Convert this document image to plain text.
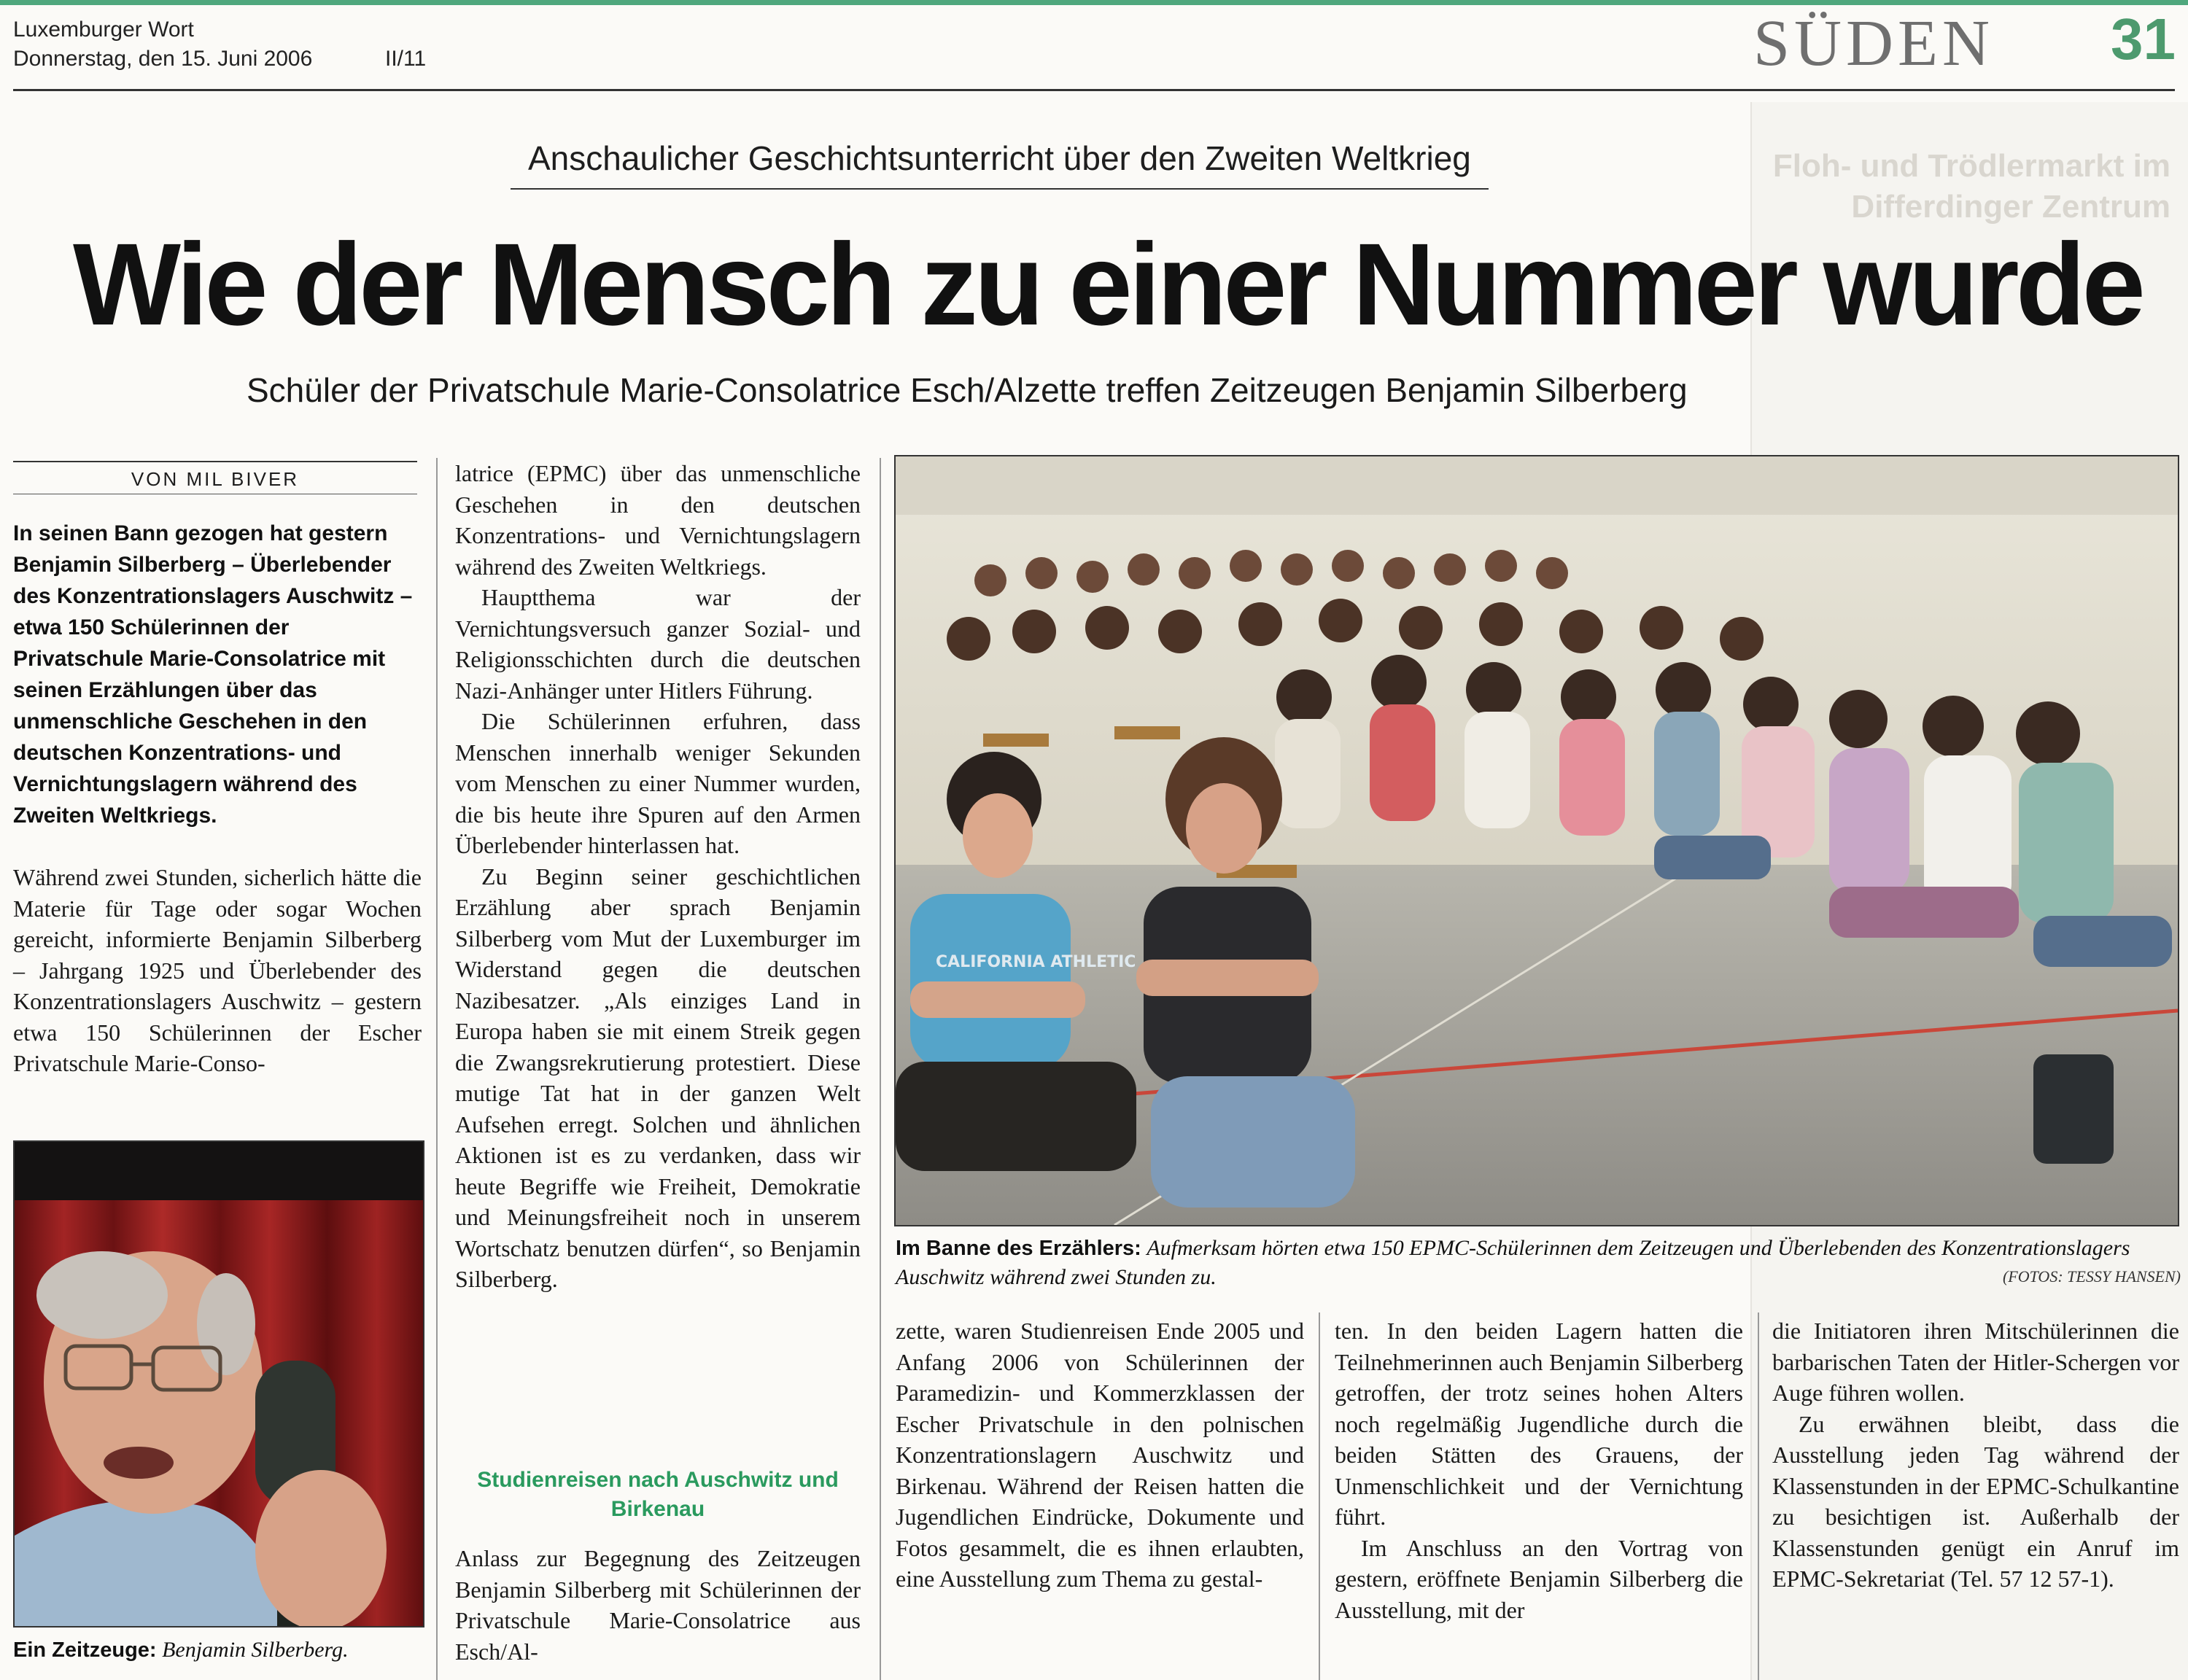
Luxemburger Wort
Donnerstag, den 15. Juni 2006	II/11	SÜDEN 31
Floh- und Trödlermarkt im Differdinger Zentrum
Anschaulicher Geschichtsunterricht über den Zweiten Weltkrieg
Wie der Mensch zu einer Nummer wurde
Schüler der Privatschule Marie-Consolatrice Esch/Alzette treffen Zeitzeugen Benjamin Silberberg
VON MIL BIVER
In seinen Bann gezogen hat gestern Benjamin Silberberg – Überlebender des Konzentrationslagers Auschwitz – etwa 150 Schülerinnen der Privatschule Marie-Consolatrice mit seinen Erzählungen über das unmenschliche Geschehen in den deutschen Konzentrations- und Vernichtungslagern während des Zweiten Weltkriegs.

Während zwei Stunden, sicherlich hätte die Materie für Tage oder sogar Wochen gereicht, informierte Benjamin Silberberg – Jahrgang 1925 und Überlebender des Konzentrationslagers Auschwitz – gestern etwa 150 Schülerinnen der Escher Privatschule Marie-Conso-

Ein Zeitzeuge: Benjamin Silberberg.

latrice (EPMC) über das unmenschliche Geschehen in den deutschen Konzentrations- und Vernichtungslagern während des Zweiten Weltkriegs.

Hauptthema war der Vernichtungsversuch ganzer Sozial- und Religionsschichten durch die deutschen Nazi-Anhänger unter Hitlers Führung.

Die Schülerinnen erfuhren, dass Menschen innerhalb weniger Sekunden vom Menschen zu einer Nummer wurden, die bis heute ihre Spuren auf den Armen Überlebender hinterlassen hat.

Zu Beginn seiner geschichtlichen Erzählung aber sprach Benjamin Silberberg vom Mut der Luxemburger im Widerstand gegen die deutschen Nazibesatzer. „Als einziges Land in Europa haben sie mit einem Streik gegen die Zwangsrekrutierung protestiert. Diese mutige Tat hat in der ganzen Welt Aufsehen erregt. Solchen und ähnlichen Aktionen ist es zu verdanken, dass wir heute Begriffe wie Freiheit, Demokratie und Meinungsfreiheit noch in unserem Wortschatz benutzen dürfen“, so Benjamin Silberberg.

Studienreisen nach Auschwitz und Birkenau

Anlass zur Begegnung des Zeitzeugen Benjamin Silberberg mit Schülerinnen der Privatschule Marie-Consolatrice aus Esch/Al-

CALIFORNIA ATHLETIC
Im Banne des Erzählers: Aufmerksam hörten etwa 150 EPMC-Schülerinnen dem Zeitzeugen und Überlebenden des Konzentrationslagers Auschwitz während zwei Stunden zu.	(FOTOS: TESSY HANSEN)

zette, waren Studienreisen Ende 2005 und Anfang 2006 von Schülerinnen der Paramedizin- und Kommerzklassen der Escher Privatschule in den polnischen Konzentrationslagern Auschwitz und Birkenau. Während der Reisen hatten die Jugendlichen Eindrücke, Dokumente und Fotos gesammelt, die es ihnen erlaubten, eine Ausstellung zum Thema zu gestal-

ten. In den beiden Lagern hatten die Teilnehmerinnen auch Benjamin Silberberg getroffen, der trotz seines hohen Alters noch regelmäßig Jugendliche durch die beiden Stätten des Grauens, der Unmenschlichkeit und der Vernichtung führt.

Im Anschluss an den Vortrag von gestern, eröffnete Benjamin Silberberg die Ausstellung, mit der

die Initiatoren ihren Mitschülerinnen die barbarischen Taten der Hitler-Schergen vor Auge führen wollen.

Zu erwähnen bleibt, dass die Ausstellung jeden Tag während der Klassenstunden in der EPMC-Schulkantine zu besichtigen ist. Außerhalb der Klassenstunden genügt ein Anruf im EPMC-Sekretariat (Tel. 57 12 57-1).
